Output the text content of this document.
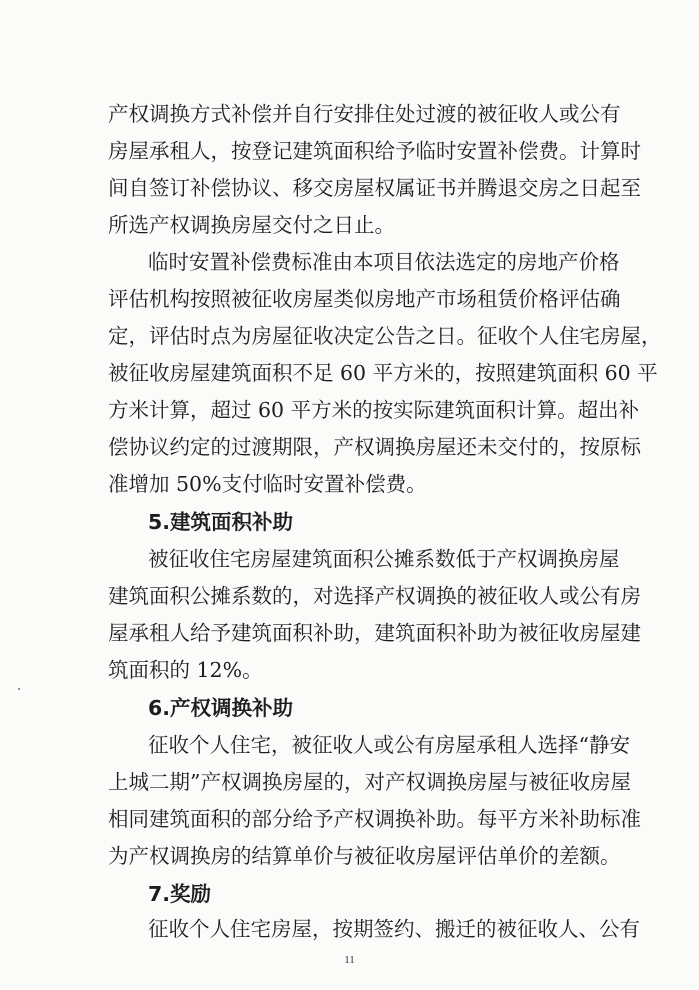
产权调换方式补偿并自行安排住处过渡的被征收人或公有
房屋承租人，按登记建筑面积给予临时安置补偿费。计算时
间自签订补偿协议、移交房屋权属证书并腾退交房之日起至
所选产权调换房屋交付之日止。
临时安置补偿费标准由本项目依法选定的房地产价格
评估机构按照被征收房屋类似房地产市场租赁价格评估确
定，评估时点为房屋征收决定公告之日。征收个人住宅房屋，
被征收房屋建筑面积不足 60 平方米的，按照建筑面积 60 平
方米计算，超过 60 平方米的按实际建筑面积计算。超出补
偿协议约定的过渡期限，产权调换房屋还未交付的，按原标
准增加 50%支付临时安置补偿费。
5.建筑面积补助
被征收住宅房屋建筑面积公摊系数低于产权调换房屋
建筑面积公摊系数的，对选择产权调换的被征收人或公有房
屋承租人给予建筑面积补助，建筑面积补助为被征收房屋建
筑面积的 12%。
6.产权调换补助
征收个人住宅，被征收人或公有房屋承租人选择“静安
上城二期”产权调换房屋的，对产权调换房屋与被征收房屋
相同建筑面积的部分给予产权调换补助。每平方米补助标准
为产权调换房的结算单价与被征收房屋评估单价的差额。
7.奖励
征收个人住宅房屋，按期签约、搬迁的被征收人、公有
11
